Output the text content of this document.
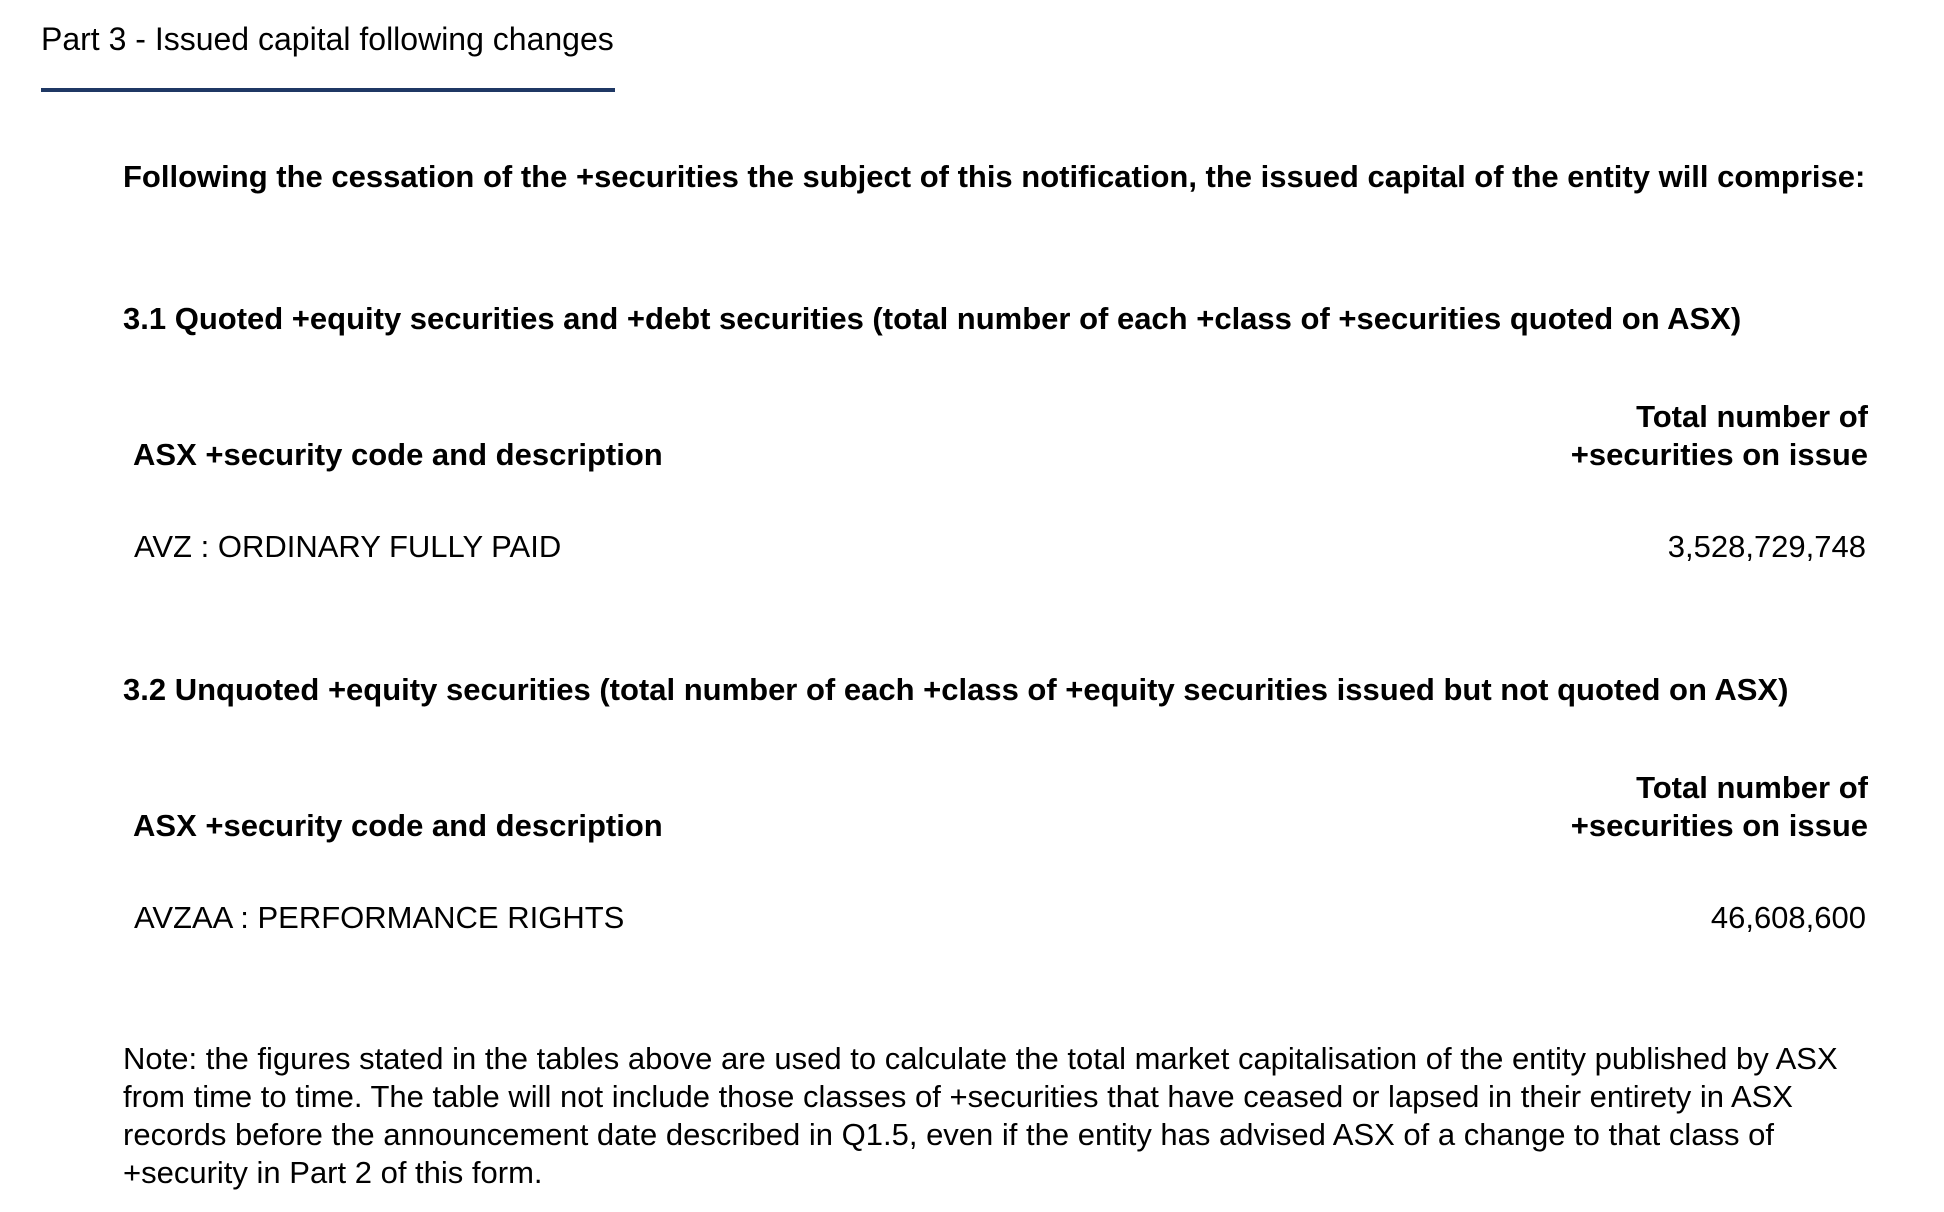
Part 3 - Issued capital following changes
Following the cessation of the +securities the subject of this notification, the issued capital of the entity will comprise:
3.1 Quoted +equity securities and +debt securities (total number of each +class of +securities quoted on ASX)
ASX +security code and description
Total number of
+securities on issue
AVZ : ORDINARY FULLY PAID	3,528,729,748
3.2 Unquoted +equity securities (total number of each +class of +equity securities issued but not quoted on ASX)
ASX +security code and description
Total number of
+securities on issue
AVZAA : PERFORMANCE RIGHTS	46,608,600
Note: the figures stated in the tables above are used to calculate the total market capitalisation of the entity published by ASX from time to time. The table will not include those classes of +securities that have ceased or lapsed in their entirety in ASX records before the announcement date described in Q1.5, even if the entity has advised ASX of a change to that class of +security in Part 2 of this form.
